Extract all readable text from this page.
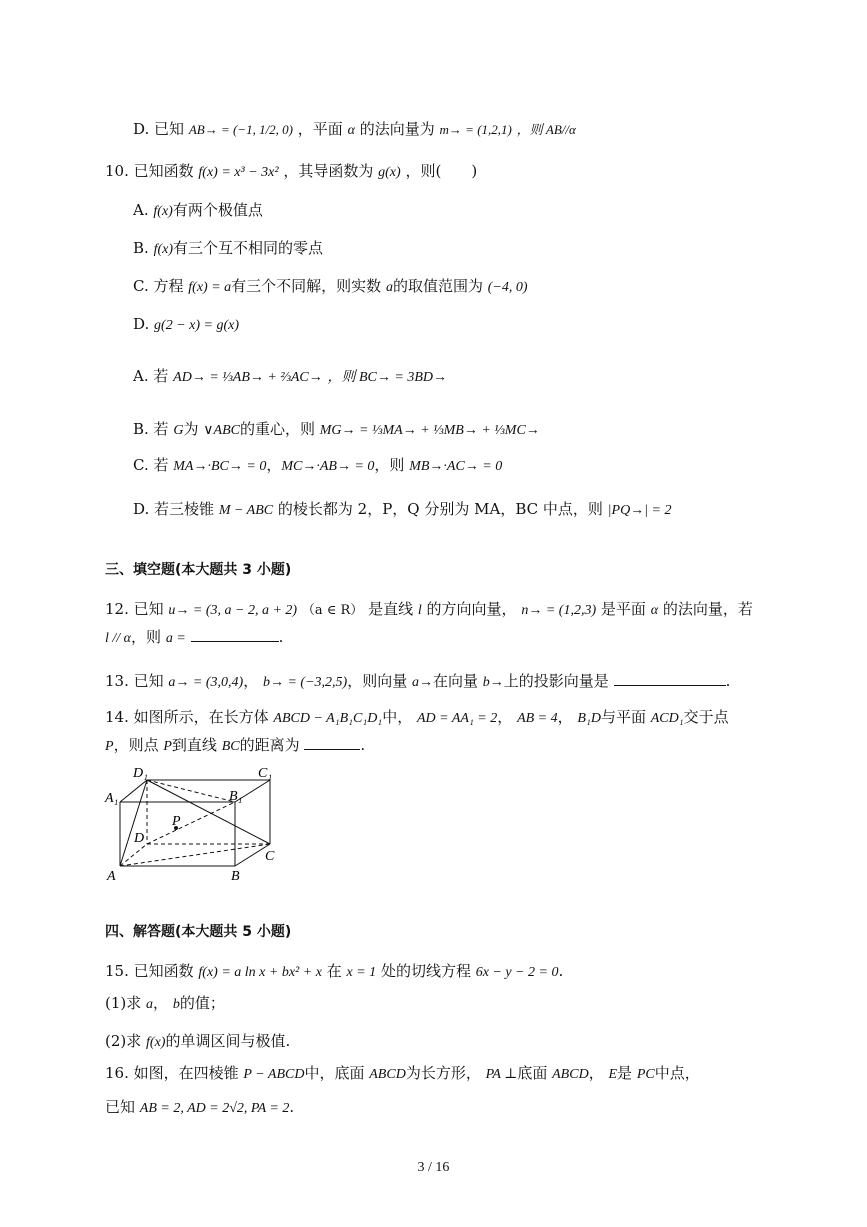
D. 已知 AB→ = (−1, 1/2, 0) ，平面 α 的法向量为 m→ = (1,2,1) ，则 AB//α
10. 已知函数 f(x) = x³ − 3x² ，其导函数为 g(x) ，则(　　)
A. f(x)有两个极值点
B. f(x)有三个互不相同的零点
C. 方程 f(x) = a有三个不同解，则实数 a的取值范围为 (−4, 0)
D. g(2 − x) = g(x)
A. 若 AD→ = ⅓AB→ + ⅔AC→ ，则 BC→ = 3BD→
B. 若 G为 ∨ABC的重心，则 MG→ = ⅓MA→ + ⅓MB→ + ⅓MC→
C. 若 MA→·BC→ = 0，MC→·AB→ = 0，则 MB→·AC→ = 0
D. 若三棱锥 M − ABC 的棱长都为 2，P，Q 分别为 MA，BC 中点，则 |PQ→| = 2
三、填空题(本大题共 3 小题)
12. 已知 u→ = (3, a − 2, a + 2) （a ∈ R） 是直线 l 的方向向量， n→ = (1,2,3) 是平面 α 的法向量，若
l // α，则 a =	.
13. 已知 a→ = (3,0,4)， b→ = (−3,2,5)，则向量 a→在向量 b→上的投影向量是	.
14. 如图所示，在长方体 ABCD − A₁B₁C₁D₁中， AD = AA₁ = 2， AB = 4， B₁D与平面 ACD₁交于点
P，则点 P到直线 BC的距离为	.
D₁	C₁
A₁	B₁
P
D
C
A	B
四、解答题(本大题共 5 小题)
15. 已知函数 f(x) = a ln x + bx² + x 在 x = 1 处的切线方程 6x − y − 2 = 0.
(1)求 a， b的值；
(2)求 f(x)的单调区间与极值.
16. 如图，在四棱锥 P − ABCD中，底面 ABCD为长方形， PA ⊥底面 ABCD， E是 PC中点，
已知 AB = 2, AD = 2√2, PA = 2.
3 / 16
